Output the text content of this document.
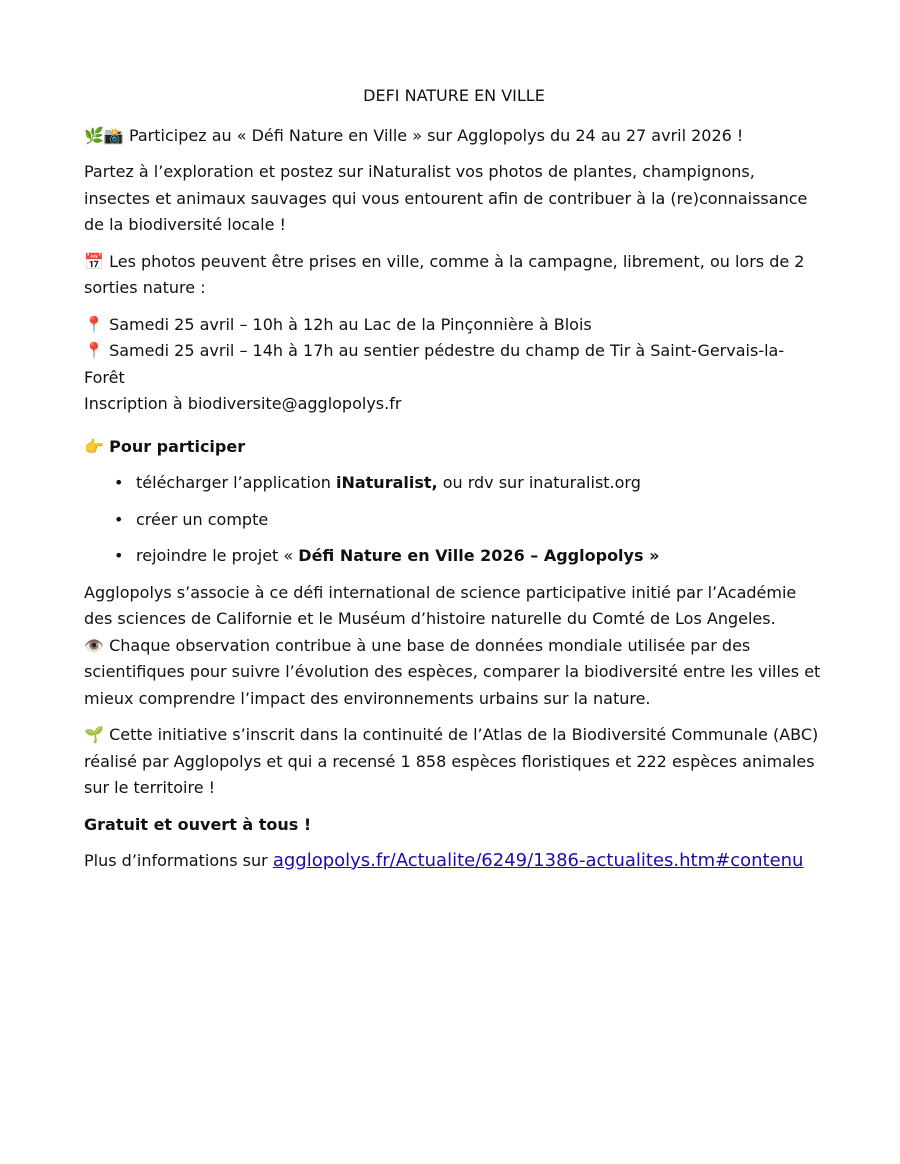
DEFI NATURE EN VILLE

🌿📸 Participez au « Défi Nature en Ville » sur Agglopolys du 24 au 27 avril 2026 !

Partez à l’exploration et postez sur iNaturalist vos photos de plantes, champignons, insectes et animaux sauvages qui vous entourent afin de contribuer à la (re)connaissance de la biodiversité locale !

📅 Les photos peuvent être prises en ville, comme à la campagne, librement, ou lors de 2 sorties nature :

📍 Samedi 25 avril – 10h à 12h au Lac de la Pinçonnière à Blois
📍 Samedi 25 avril – 14h à 17h au sentier pédestre du champ de Tir à Saint-Gervais-la-Forêt
Inscription à biodiversite@agglopolys.fr

👉 Pour participer

• télécharger l’application iNaturalist, ou rdv sur inaturalist.org
• créer un compte
• rejoindre le projet « Défi Nature en Ville 2026 – Agglopolys »
Agglopolys s’associe à ce défi international de science participative initié par l’Académie des sciences de Californie et le Muséum d’histoire naturelle du Comté de Los Angeles.

👁️ Chaque observation contribue à une base de données mondiale utilisée par des scientifiques pour suivre l’évolution des espèces, comparer la biodiversité entre les villes et mieux comprendre l’impact des environnements urbains sur la nature.

🌱 Cette initiative s’inscrit dans la continuité de l’Atlas de la Biodiversité Communale (ABC) réalisé par Agglopolys et qui a recensé 1 858 espèces floristiques et 222 espèces animales sur le territoire !

Gratuit et ouvert à tous !

Plus d’informations sur agglopolys.fr/Actualite/6249/1386-actualites.htm#contenu
